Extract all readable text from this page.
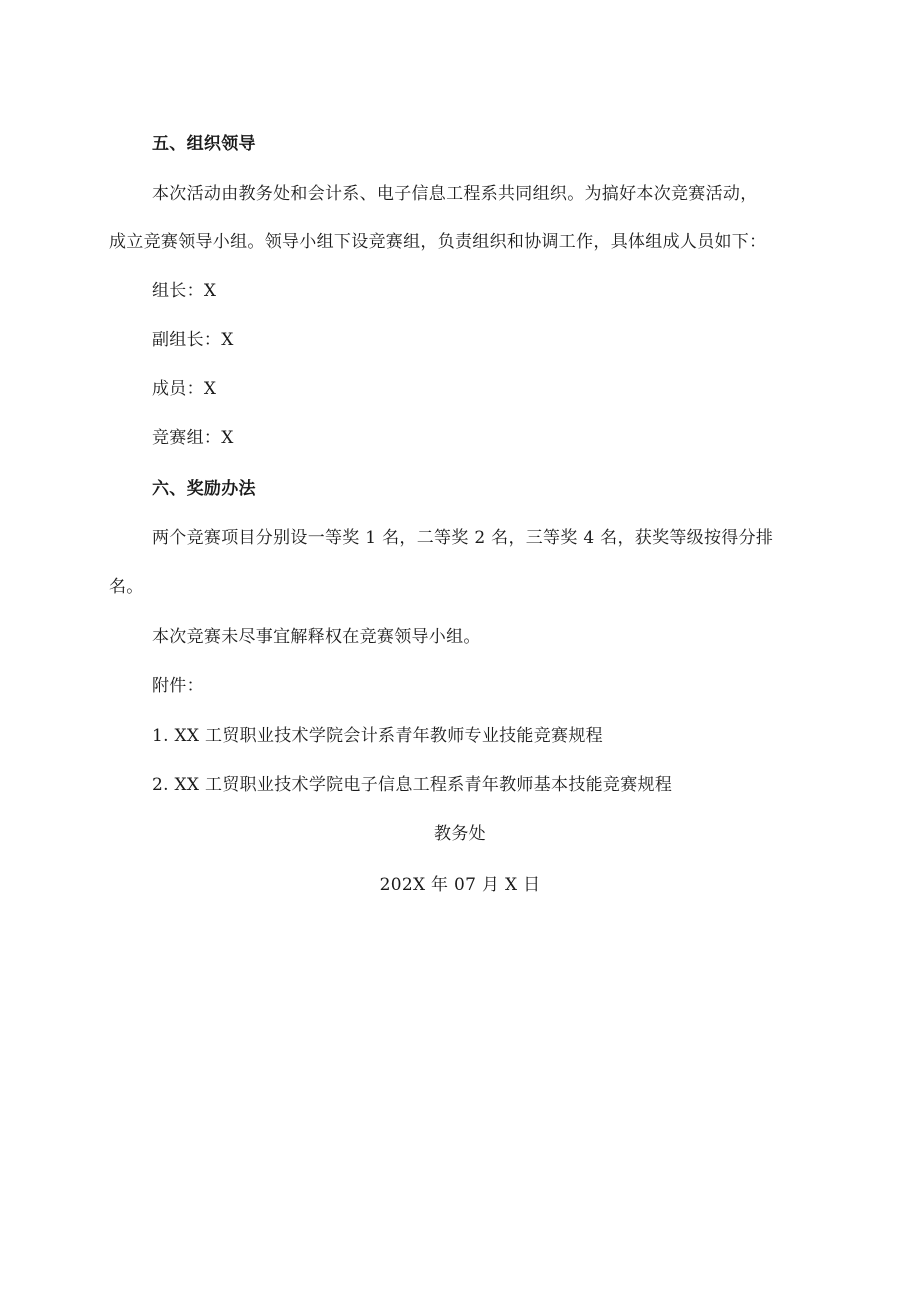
五、组织领导
本次活动由教务处和会计系、电子信息工程系共同组织。为搞好本次竞赛活动，
成立竞赛领导小组。领导小组下设竞赛组，负责组织和协调工作，具体组成人员如下：
组长：X
副组长：X
成员：X
竞赛组：X
六、奖励办法
两个竞赛项目分别设一等奖 1 名，二等奖 2 名，三等奖 4 名，获奖等级按得分排
名。
本次竞赛未尽事宜解释权在竞赛领导小组。
附件：
1. XX 工贸职业技术学院会计系青年教师专业技能竞赛规程
2. XX 工贸职业技术学院电子信息工程系青年教师基本技能竞赛规程
教务处
202X 年 07 月 X 日
